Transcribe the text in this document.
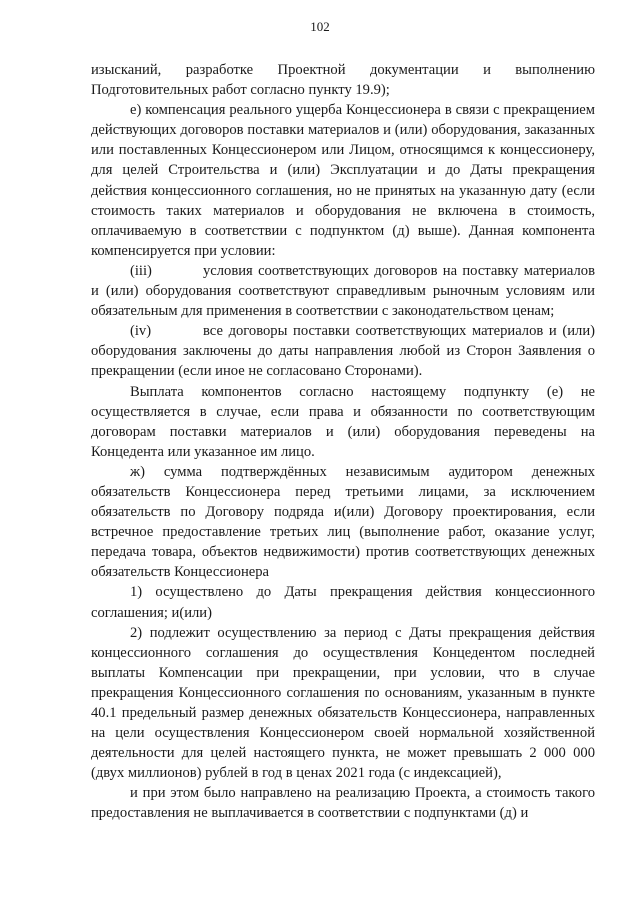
102

изысканий, разработке Проектной документации и выполнению Подготовительных работ согласно пункту 19.9);

е) компенсация реального ущерба Концессионера в связи с прекращением действующих договоров поставки материалов и (или) оборудования, заказанных или поставленных Концессионером или Лицом, относящимся к концессионеру, для целей Строительства и (или) Эксплуатации и до Даты прекращения действия концессионного соглашения, но не принятых на указанную дату (если стоимость таких материалов и оборудования не включена в стоимость, оплачиваемую в соответствии с подпунктом (д) выше). Данная компонента компенсируется при условии:

(iii)	условия соответствующих договоров на поставку материалов и (или) оборудования соответствуют справедливым рыночным условиям или обязательным для применения в соответствии с законодательством ценам;

(iv)	все договоры поставки соответствующих материалов и (или) оборудования заключены до даты направления любой из Сторон Заявления о прекращении (если иное не согласовано Сторонами).

Выплата компонентов согласно настоящему подпункту (е) не осуществляется в случае, если права и обязанности по соответствующим договорам поставки материалов и (или) оборудования переведены на Концедента или указанное им лицо.

ж) сумма подтверждённых независимым аудитором денежных обязательств Концессионера перед третьими лицами, за исключением обязательств по Договору подряда и(или) Договору проектирования, если встречное предоставление третьих лиц (выполнение работ, оказание услуг, передача товара, объектов недвижимости) против соответствующих денежных обязательств Концессионера

1) осуществлено до Даты прекращения действия концессионного соглашения; и(или)

2) подлежит осуществлению за период с Даты прекращения действия концессионного соглашения до осуществления Концедентом последней выплаты Компенсации при прекращении, при условии, что в случае прекращения Концессионного соглашения по основаниям, указанным в пункте 40.1 предельный размер денежных обязательств Концессионера, направленных на цели осуществления Концессионером своей нормальной хозяйственной деятельности для целей настоящего пункта, не может превышать 2 000 000 (двух миллионов) рублей в год в ценах 2021 года (с индексацией),

и при этом было направлено на реализацию Проекта, а стоимость такого предоставления не выплачивается в соответствии с подпунктами (д) и
